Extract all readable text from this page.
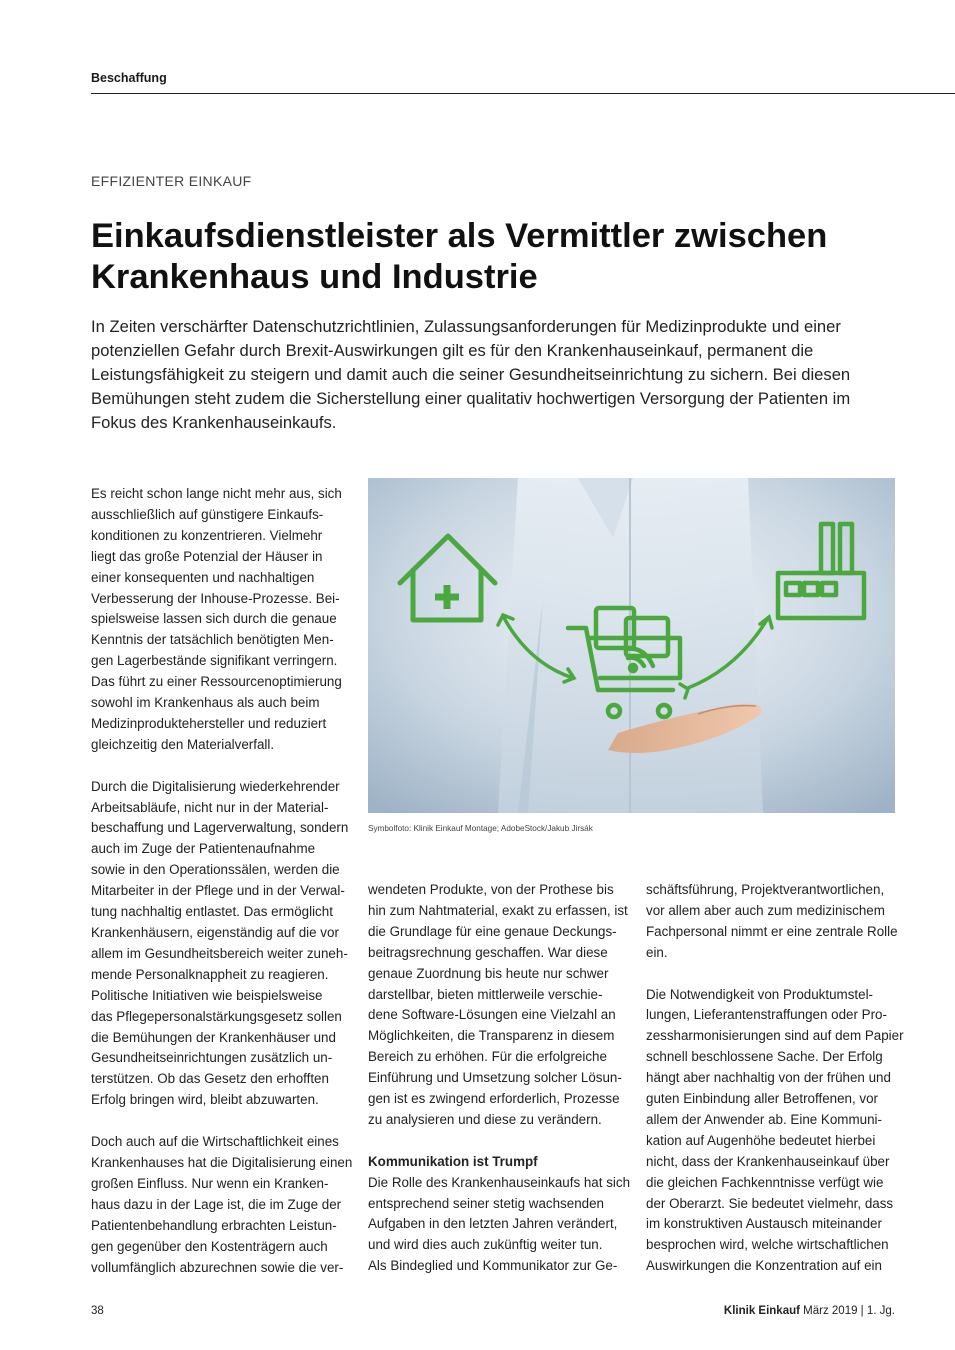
Beschaffung
EFFIZIENTER EINKAUF
Einkaufsdienstleister als Vermittler zwischen
Krankenhaus und Industrie

In Zeiten verschärfter Datenschutzrichtlinien, Zulassungsanforderungen für Medizinprodukte und einer
potenziellen Gefahr durch Brexit-Auswirkungen gilt es für den Krankenhauseinkauf, permanent die
Leistungsfähigkeit zu steigern und damit auch die seiner Gesundheitseinrichtung zu sichern. Bei diesen
Bemühungen steht zudem die Sicherstellung einer qualitativ hochwertigen Versorgung der Patienten im
Fokus des Krankenhauseinkaufs.

Es reicht schon lange nicht mehr aus, sich
ausschließlich auf günstigere Einkaufs-
konditionen zu konzentrieren. Vielmehr
liegt das große Potenzial der Häuser in
einer konsequenten und nachhaltigen
Verbesserung der Inhouse-Prozesse. Bei-
spielsweise lassen sich durch die genaue
Kenntnis der tatsächlich benötigten Men-
gen Lagerbestände signifikant verringern.
Das führt zu einer Ressourcenoptimierung
sowohl im Krankenhaus als auch beim
Medizinproduktehersteller und reduziert
gleichzeitig den Materialverfall.

Durch die Digitalisierung wiederkehrender
Arbeitsabläufe, nicht nur in der Material-
beschaffung und Lagerverwaltung, sondern
auch im Zuge der Patientenaufnahme
sowie in den Operationssälen, werden die
Mitarbeiter in der Pflege und in der Verwal-
tung nachhaltig entlastet. Das ermöglicht
Krankenhäusern, eigenständig auf die vor
allem im Gesundheitsbereich weiter zuneh-
mende Personalknappheit zu reagieren.
Politische Initiativen wie beispielsweise
das Pflegepersonalstärkungsgesetz sollen
die Bemühungen der Krankenhäuser und
Gesundheitseinrichtungen zusätzlich un-
terstützen. Ob das Gesetz den erhofften
Erfolg bringen wird, bleibt abzuwarten.

Doch auch auf die Wirtschaftlichkeit eines
Krankenhauses hat die Digitalisierung einen
großen Einfluss. Nur wenn ein Kranken-
haus dazu in der Lage ist, die im Zuge der
Patientenbehandlung erbrachten Leistun-
gen gegenüber den Kostenträgern auch
vollumfänglich abzurechnen sowie die ver-

wendeten Produkte, von der Prothese bis
hin zum Nahtmaterial, exakt zu erfassen, ist
die Grundlage für eine genaue Deckungs-
beitragsrechnung geschaffen. War diese
genaue Zuordnung bis heute nur schwer
darstellbar, bieten mittlerweile verschie-
dene Software-Lösungen eine Vielzahl an
Möglichkeiten, die Transparenz in diesem
Bereich zu erhöhen. Für die erfolgreiche
Einführung und Umsetzung solcher Lösun-
gen ist es zwingend erforderlich, Prozesse
zu analysieren und diese zu verändern.

Kommunikation ist Trumpf
Die Rolle des Krankenhauseinkaufs hat sich
entsprechend seiner stetig wachsenden
Aufgaben in den letzten Jahren verändert,
und wird dies auch zukünftig weiter tun.
Als Bindeglied und Kommunikator zur Ge-

schäftsführung, Projektverantwortlichen,
vor allem aber auch zum medizinischem
Fachpersonal nimmt er eine zentrale Rolle
ein.

Die Notwendigkeit von Produktumstel-
lungen, Lieferantenstraffungen oder Pro-
zessharmonisierungen sind auf dem Papier
schnell beschlossene Sache. Der Erfolg
hängt aber nachhaltig von der frühen und
guten Einbindung aller Betroffenen, vor
allem der Anwender ab. Eine Kommuni-
kation auf Augenhöhe bedeutet hierbei
nicht, dass der Krankenhauseinkauf über
die gleichen Fachkenntnisse verfügt wie
der Oberarzt. Sie bedeutet vielmehr, dass
im konstruktiven Austausch miteinander
besprochen wird, welche wirtschaftlichen
Auswirkungen die Konzentration auf ein

Symbolfoto: Klinik Einkauf Montage; AdobeStock/Jakub Jirsák
38	Klinik Einkauf März 2019 | 1. Jg.
